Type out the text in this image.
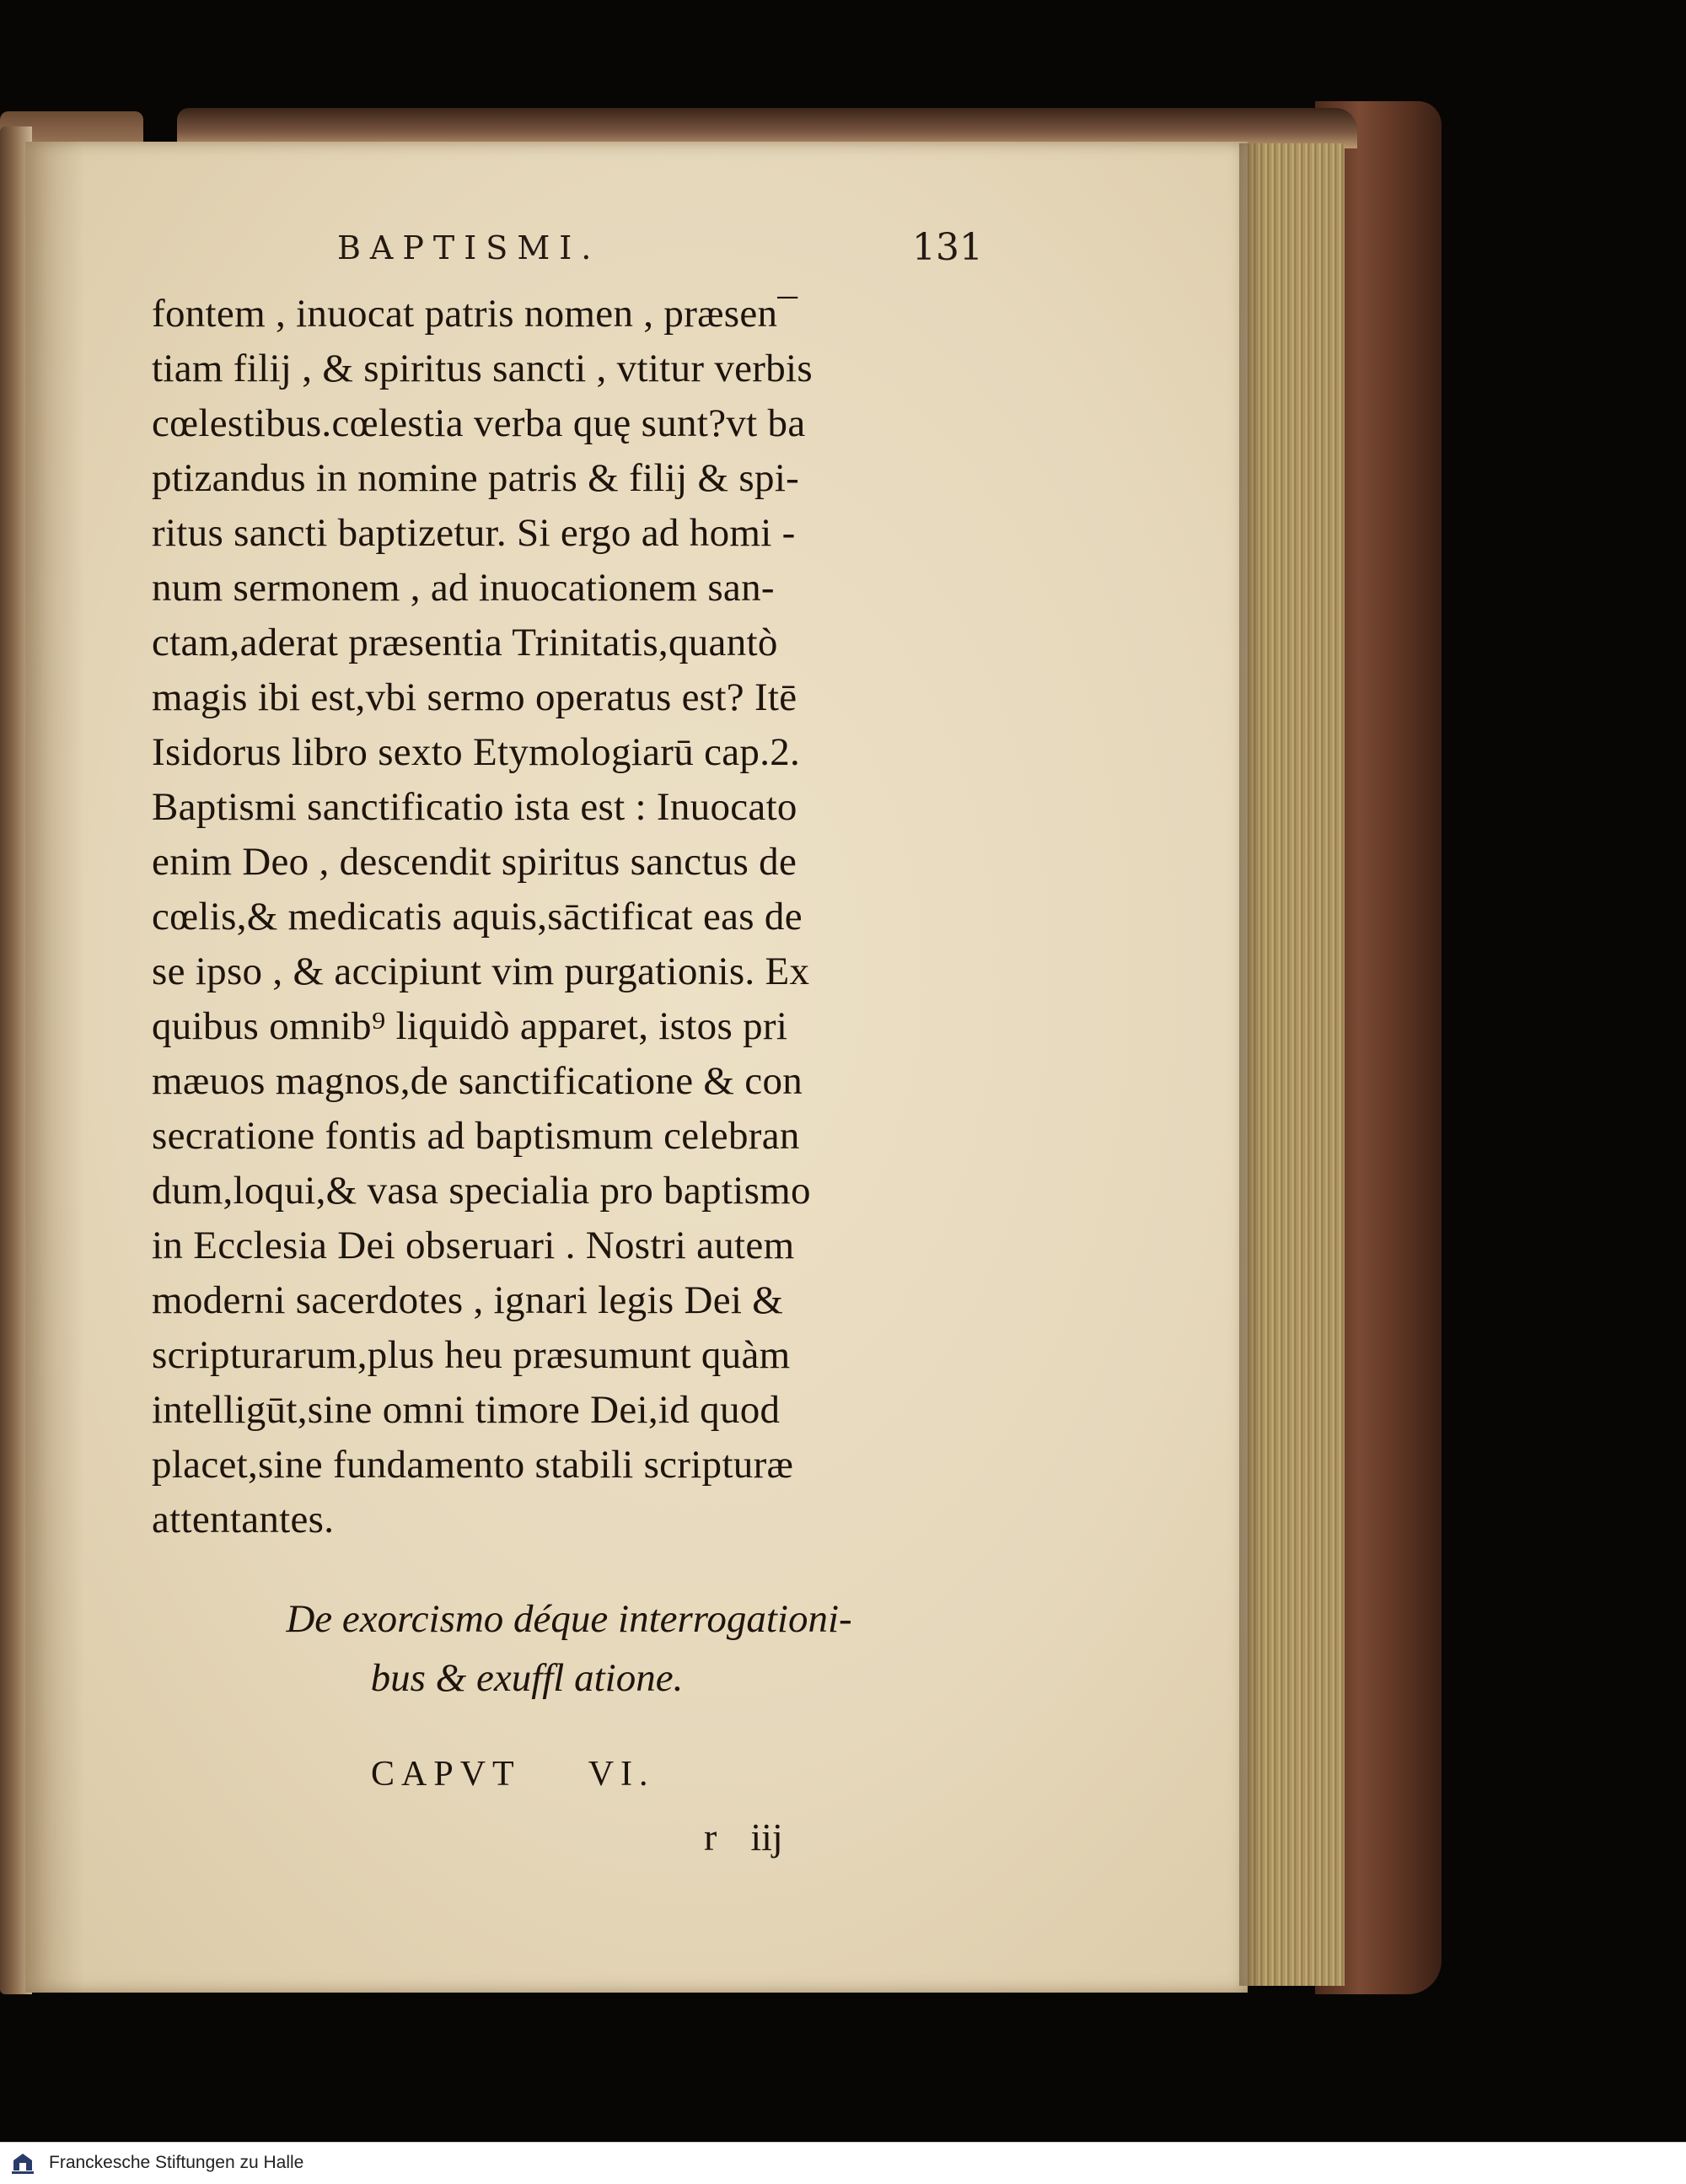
BAPTISMI.	131
fontem , inuocat patris nomen , præsen¯
tiam filij , & spiritus sancti , vtitur verbis
cœlestibus.cœlestia verba quę sunt?vt ba
ptizandus in nomine patris & filij & spi-
ritus sancti baptizetur. Si ergo ad homi -
num sermonem , ad inuocationem san-
ctam,aderat præsentia Trinitatis,quantò
magis ibi est,vbi sermo operatus est? Itē
Isidorus libro sexto Etymologiarū cap.2.
Baptismi sanctificatio ista est : Inuocato
enim Deo , descendit spiritus sanctus de
cœlis,& medicatis aquis,sāctificat eas de
se ipso , & accipiunt vim purgationis. Ex
quibus omnib⁹ liquidò apparet, istos pri
mæuos magnos,de sanctificatione & con
secratione fontis ad baptismum celebran
dum,loqui,& vasa specialia pro baptismo
in Ecclesia Dei obseruari . Nostri autem
moderni sacerdotes , ignari legis Dei &
scripturarum,plus heu præsumunt quàm
intelligūt,sine omni timore Dei,id quod
placet,sine fundamento stabili scripturæ
attentantes.
De exorcismo déque interrogationi-
bus & exuffl atione.
CAPVT VI.
r iij
Franckesche Stiftungen zu Halle
